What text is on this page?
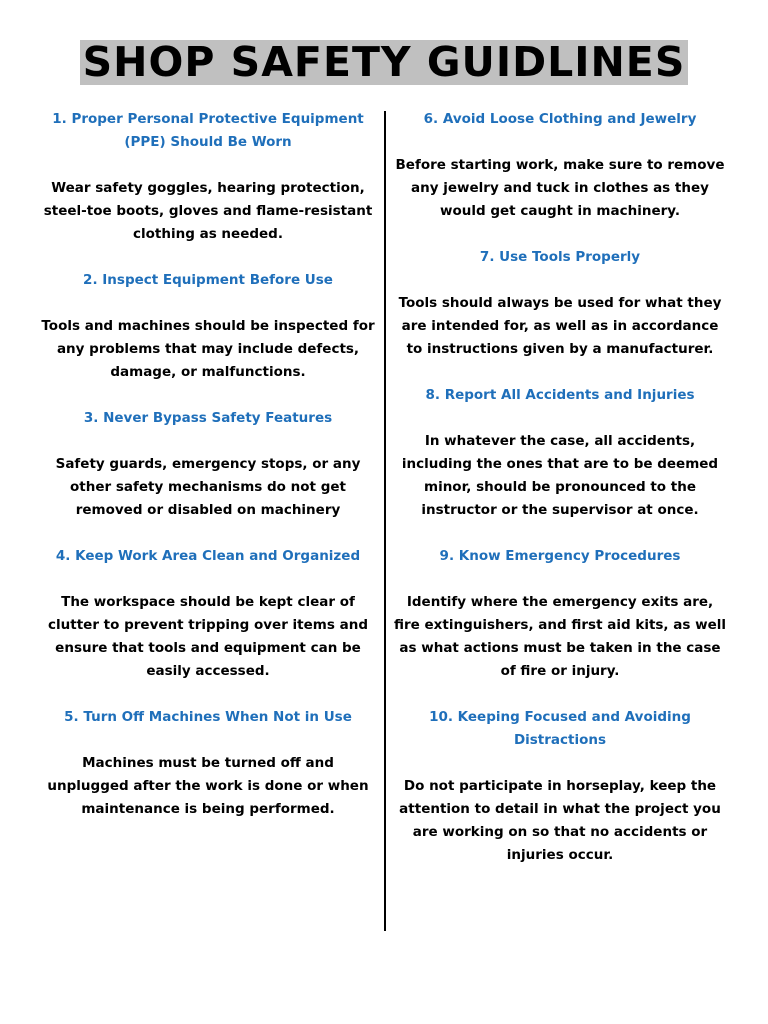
SHOP SAFETY GUIDLINES
1. Proper Personal Protective Equipment (PPE) Should Be Worn
Wear safety goggles, hearing protection, steel-toe boots, gloves and flame-resistant clothing as needed.
2. Inspect Equipment Before Use
Tools and machines should be inspected for any problems that may include defects, damage, or malfunctions.
3. Never Bypass Safety Features
Safety guards, emergency stops, or any other safety mechanisms do not get removed or disabled on machinery
4. Keep Work Area Clean and Organized
The workspace should be kept clear of clutter to prevent tripping over items and ensure that tools and equipment can be easily accessed.
5. Turn Off Machines When Not in Use
Machines must be turned off and unplugged after the work is done or when maintenance is being performed.
6. Avoid Loose Clothing and Jewelry
Before starting work, make sure to remove any jewelry and tuck in clothes as they would get caught in machinery.
7. Use Tools Properly
Tools should always be used for what they are intended for, as well as in accordance to instructions given by a manufacturer.
8. Report All Accidents and Injuries
In whatever the case, all accidents, including the ones that are to be deemed minor, should be pronounced to the instructor or the supervisor at once.
9. Know Emergency Procedures
Identify where the emergency exits are, fire extinguishers, and first aid kits, as well as what actions must be taken in the case of fire or injury.
10. Keeping Focused and Avoiding Distractions
Do not participate in horseplay, keep the attention to detail in what the project you are working on so that no accidents or injuries occur.
